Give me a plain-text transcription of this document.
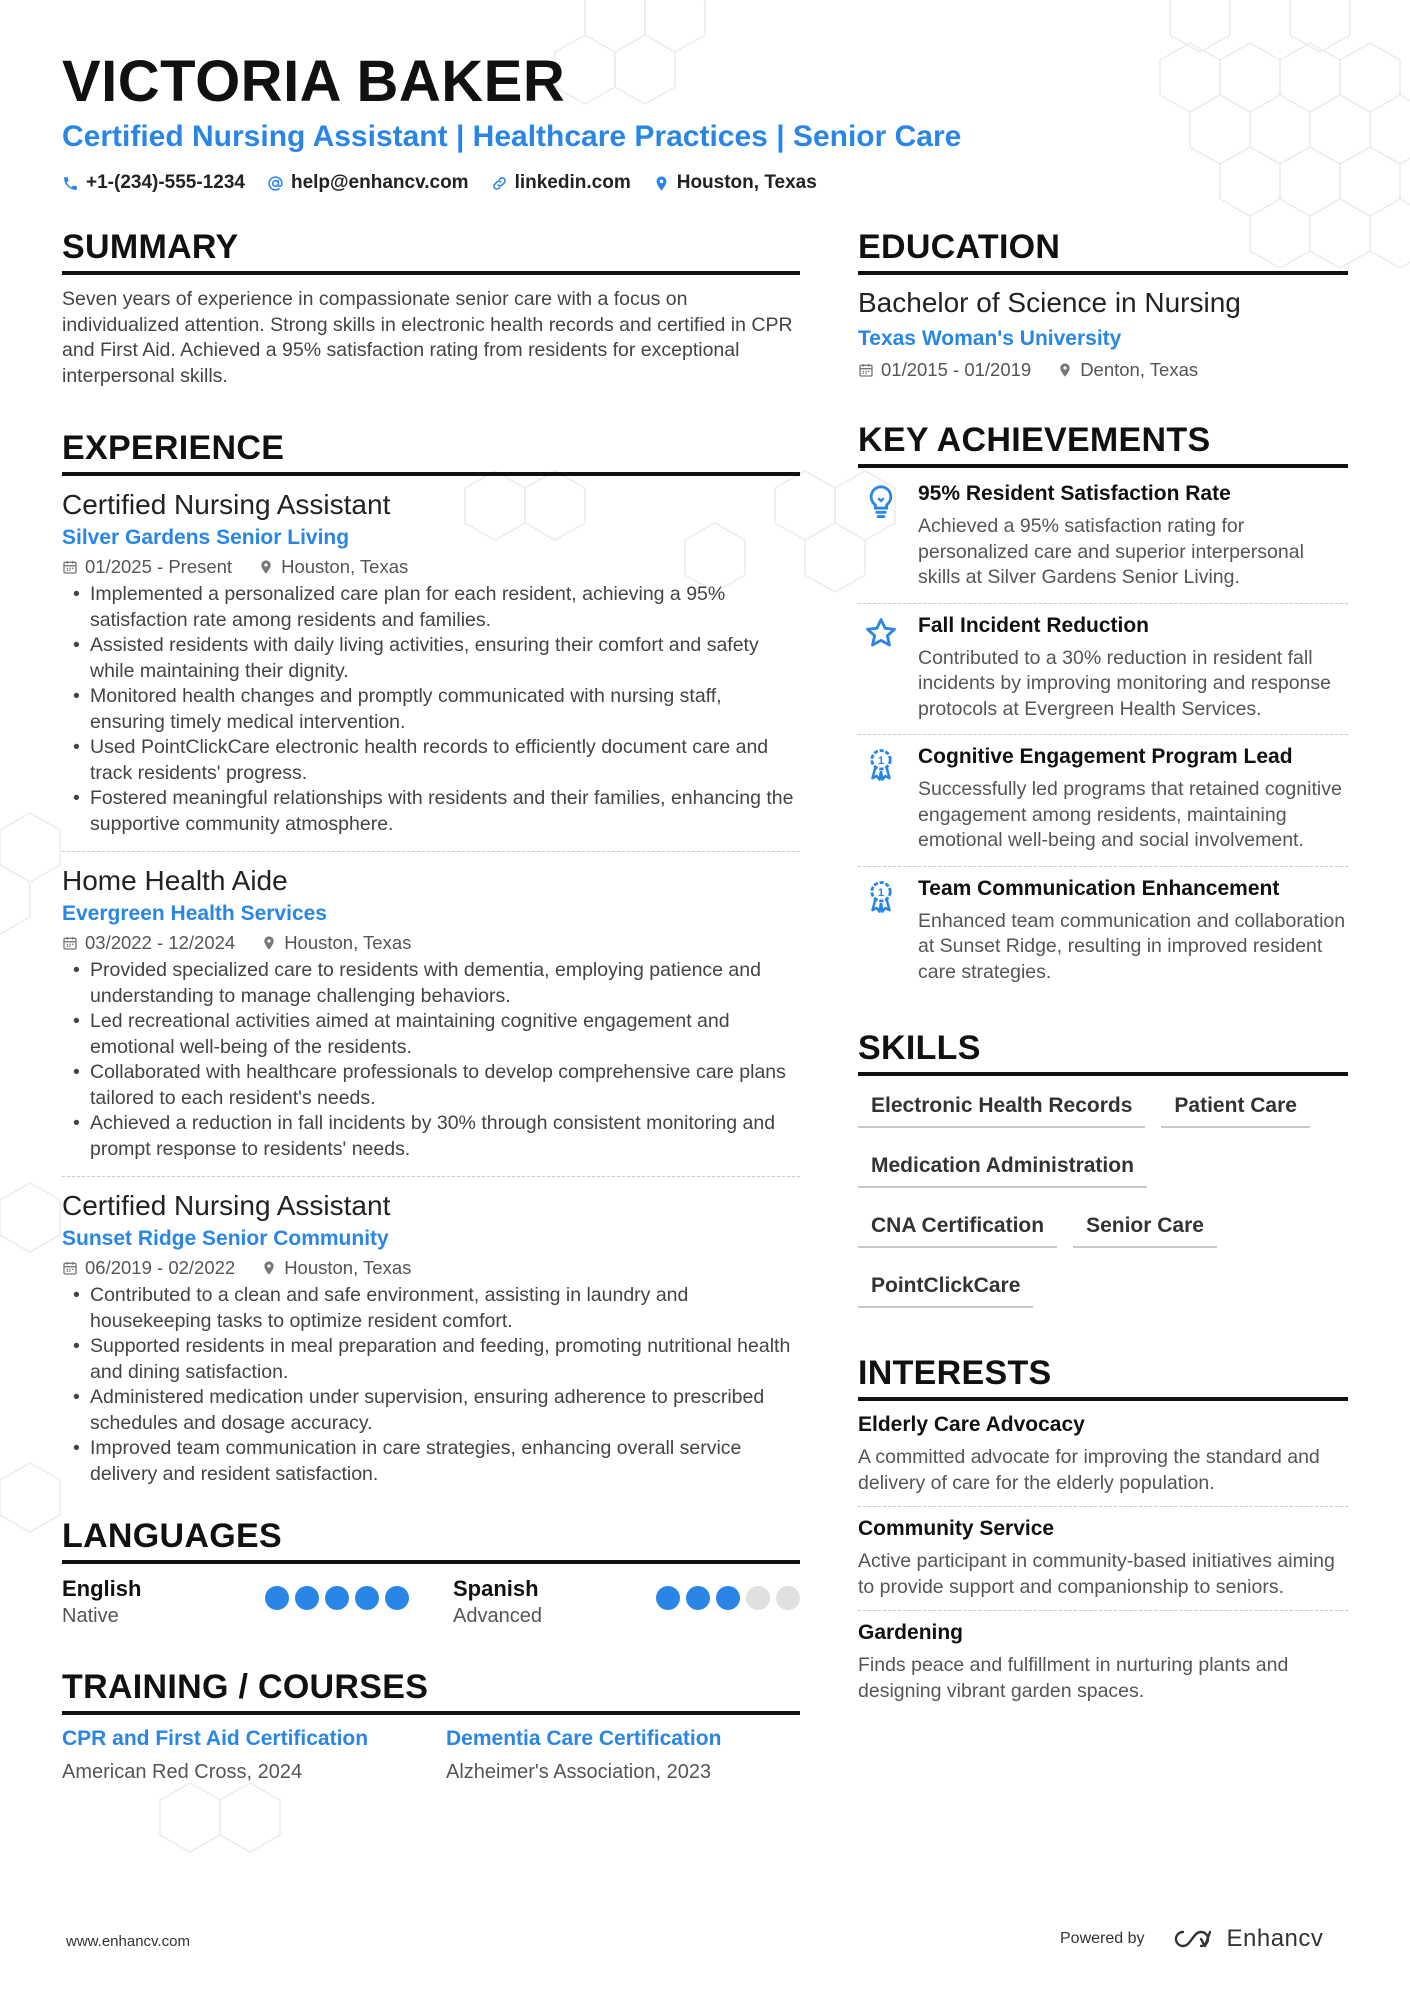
VICTORIA BAKER
Certified Nursing Assistant | Healthcare Practices | Senior Care
+1-(234)-555-1234 help@enhancv.com linkedin.com Houston, Texas
SUMMARY

Seven years of experience in compassionate senior care with a focus on individualized attention. Strong skills in electronic health records and certified in CPR and First Aid. Achieved a 95% satisfaction rating from residents for exceptional interpersonal skills.

EXPERIENCE
Certified Nursing Assistant
Silver Gardens Senior Living
01/2025 - Present	Houston, Texas
• Implemented a personalized care plan for each resident, achieving a 95% satisfaction rate among residents and families.
• Assisted residents with daily living activities, ensuring their comfort and safety while maintaining their dignity.
• Monitored health changes and promptly communicated with nursing staff, ensuring timely medical intervention.
• Used PointClickCare electronic health records to efficiently document care and track residents' progress.
• Fostered meaningful relationships with residents and their families, enhancing the supportive community atmosphere.
Home Health Aide
Evergreen Health Services
03/2022 - 12/2024	Houston, Texas
• Provided specialized care to residents with dementia, employing patience and understanding to manage challenging behaviors.
• Led recreational activities aimed at maintaining cognitive engagement and emotional well-being of the residents.
• Collaborated with healthcare professionals to develop comprehensive care plans tailored to each resident's needs.
• Achieved a reduction in fall incidents by 30% through consistent monitoring and prompt response to residents' needs.
Certified Nursing Assistant
Sunset Ridge Senior Community
06/2019 - 02/2022	Houston, Texas
• Contributed to a clean and safe environment, assisting in laundry and housekeeping tasks to optimize resident comfort.
• Supported residents in meal preparation and feeding, promoting nutritional health and dining satisfaction.
• Administered medication under supervision, ensuring adherence to prescribed schedules and dosage accuracy.
• Improved team communication in care strategies, enhancing overall service delivery and resident satisfaction.
LANGUAGES
English
Native
Spanish
Advanced
TRAINING / COURSES
CPR and First Aid Certification
American Red Cross, 2024
Dementia Care Certification
Alzheimer's Association, 2023
EDUCATION
Bachelor of Science in Nursing
Texas Woman's University
01/2015 - 01/2019	Denton, Texas
KEY ACHIEVEMENTS
95% Resident Satisfaction Rate
Achieved a 95% satisfaction rating for personalized care and superior interpersonal skills at Silver Gardens Senior Living.
Fall Incident Reduction
Contributed to a 30% reduction in resident fall incidents by improving monitoring and response protocols at Evergreen Health Services.
1 Cognitive Engagement Program Lead
Successfully led programs that retained cognitive engagement among residents, maintaining emotional well-being and social involvement.
1 Team Communication Enhancement
Enhanced team communication and collaboration at Sunset Ridge, resulting in improved resident care strategies.
SKILLS
Electronic Health Records	Patient Care
Medication Administration
CNA Certification	Senior Care
PointClickCare
INTERESTS
Elderly Care Advocacy
A committed advocate for improving the standard and delivery of care for the elderly population.
Community Service
Active participant in community-based initiatives aiming to provide support and companionship to seniors.
Gardening
Finds peace and fulfillment in nurturing plants and designing vibrant garden spaces.
www.enhancv.com	Powered by	Enhancv
